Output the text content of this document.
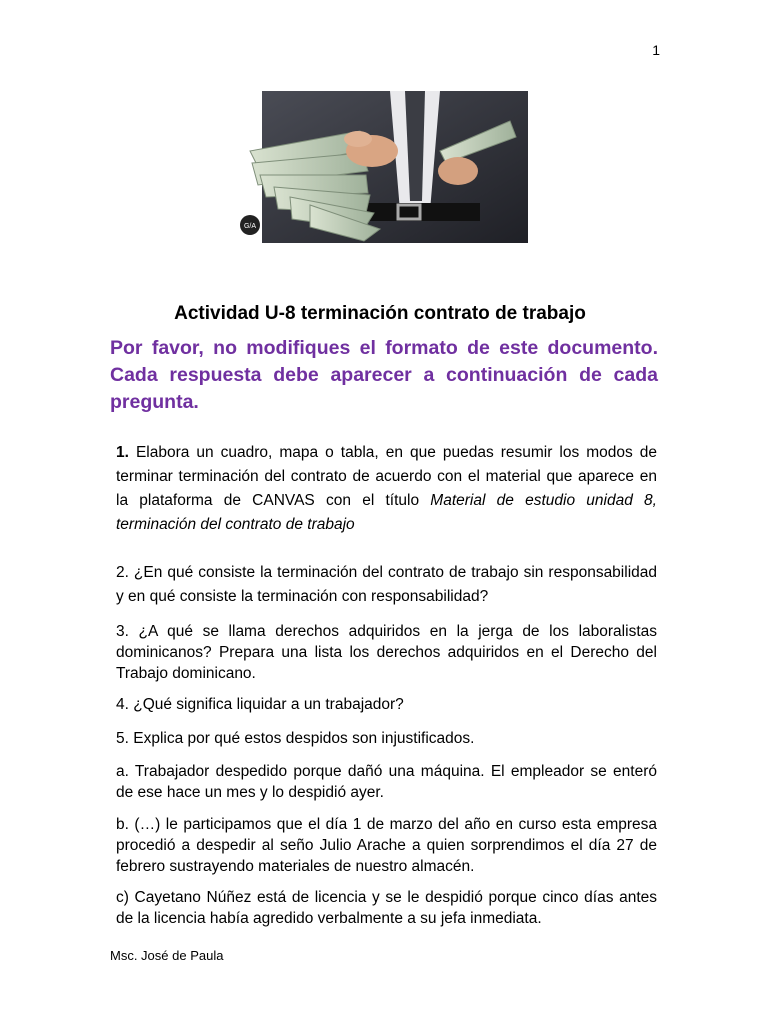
1
G/A
Actividad U-8 terminación contrato de trabajo
Por favor, no modifiques el formato de este documento. Cada respuesta debe aparecer a continuación de cada pregunta.
1. Elabora un cuadro, mapa o tabla, en que puedas resumir los modos de terminar terminación del contrato de acuerdo con el material que aparece en la plataforma de CANVAS con el título Material de estudio unidad 8, terminación del contrato de trabajo
2. ¿En qué consiste la terminación del contrato de trabajo sin responsabilidad y en qué consiste la terminación con responsabilidad?
3. ¿A qué se llama derechos adquiridos en la jerga de los laboralistas dominicanos? Prepara una lista los derechos adquiridos en el Derecho del Trabajo dominicano.
4. ¿Qué significa liquidar a un trabajador?
5. Explica por qué estos despidos son injustificados.
a. Trabajador despedido porque dañó una máquina. El empleador se enteró de ese hace un mes y lo despidió ayer.
b. (…) le participamos que el día 1 de marzo del año en curso esta empresa procedió a despedir al seño Julio Arache a quien sorprendimos el día 27 de febrero sustrayendo materiales de nuestro almacén.
c) Cayetano Núñez está de licencia y se le despidió porque cinco días antes de la licencia había agredido verbalmente a su jefa inmediata.
Msc. José de Paula
